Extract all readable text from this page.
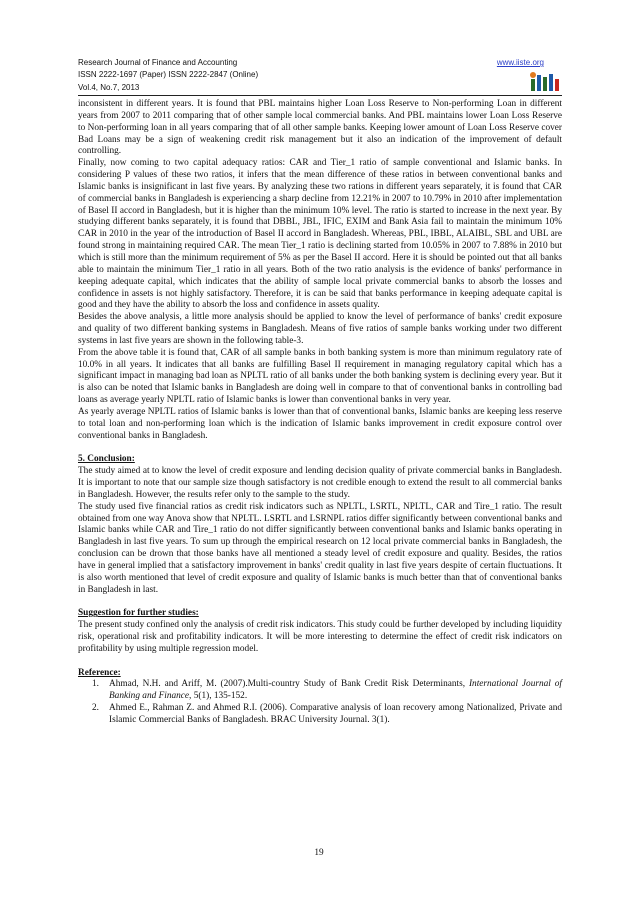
Research Journal of Finance and Accounting
ISSN 2222-1697 (Paper) ISSN 2222-2847 (Online)
Vol.4, No.7, 2013
www.iiste.org

inconsistent in different years. It is found that PBL maintains higher Loan Loss Reserve to Non-performing Loan in different years from 2007 to 2011 comparing that of other sample local commercial banks. And PBL maintains lower Loan Loss Reserve to Non-performing loan in all years comparing that of all other sample banks. Keeping lower amount of Loan Loss Reserve cover Bad Loans may be a sign of weakening credit risk management but it also an indication of the improvement of default controlling.

Finally, now coming to two capital adequacy ratios: CAR and Tier_1 ratio of sample conventional and Islamic banks. In considering P values of these two ratios, it infers that the mean difference of these ratios in between conventional banks and Islamic banks is insignificant in last five years. By analyzing these two rations in different years separately, it is found that CAR of commercial banks in Bangladesh is experiencing a sharp decline from 12.21% in 2007 to 10.79% in 2010 after implementation of Basel II accord in Bangladesh, but it is higher than the minimum 10% level. The ratio is started to increase in the next year. By studying different banks separately, it is found that DBBL, JBL, IFIC, EXIM and Bank Asia fail to maintain the minimum 10% CAR in 2010 in the year of the introduction of Basel II accord in Bangladesh. Whereas, PBL, IBBL, ALAIBL, SBL and UBL are found strong in maintaining required CAR. The mean Tier_1 ratio is declining started from 10.05% in 2007 to 7.88% in 2010 but which is still more than the minimum requirement of 5% as per the Basel II accord. Here it is should be pointed out that all banks able to maintain the minimum Tier_1 ratio in all years. Both of the two ratio analysis is the evidence of banks' performance in keeping adequate capital, which indicates that the ability of sample local private commercial banks to absorb the losses and confidence in assets is not highly satisfactory. Therefore, it is can be said that banks performance in keeping adequate capital is good and they have the ability to absorb the loss and confidence in assets quality.

Besides the above analysis, a little more analysis should be applied to know the level of performance of banks' credit exposure and quality of two different banking systems in Bangladesh. Means of five ratios of sample banks working under two different systems in last five years are shown in the following table-3.

From the above table it is found that, CAR of all sample banks in both banking system is more than minimum regulatory rate of 10.0% in all years. It indicates that all banks are fulfilling Basel II requirement in managing regulatory capital which has a significant impact in managing bad loan as NPLTL ratio of all banks under the both banking system is declining every year. But it is also can be noted that Islamic banks in Bangladesh are doing well in compare to that of conventional banks in controlling bad loans as average yearly NPLTL ratio of Islamic banks is lower than conventional banks in very year.

As yearly average NPLTL ratios of Islamic banks is lower than that of conventional banks, Islamic banks are keeping less reserve to total loan and non-performing loan which is the indication of Islamic banks improvement in credit exposure control over conventional banks in Bangladesh.

5. Conclusion:

The study aimed at to know the level of credit exposure and lending decision quality of private commercial banks in Bangladesh. It is important to note that our sample size though satisfactory is not credible enough to extend the result to all commercial banks in Bangladesh. However, the results refer only to the sample to the study.

The study used five financial ratios as credit risk indicators such as NPLTL, LSRTL, NPLTL, CAR and Tire_1 ratio. The result obtained from one way Anova show that NPLTL. LSRTL and LSRNPL ratios differ significantly between conventional banks and Islamic banks while CAR and Tire_1 ratio do not differ significantly between conventional banks and Islamic banks operating in Bangladesh in last five years. To sum up through the empirical research on 12 local private commercial banks in Bangladesh, the conclusion can be drown that those banks have all mentioned a steady level of credit exposure and quality. Besides, the ratios have in general implied that a satisfactory improvement in banks' credit quality in last five years despite of certain fluctuations. It is also worth mentioned that level of credit exposure and quality of Islamic banks is much better than that of conventional banks in Bangladesh in last.

Suggestion for further studies:

The present study confined only the analysis of credit risk indicators. This study could be further developed by including liquidity risk, operational risk and profitability indicators. It will be more interesting to determine the effect of credit risk indicators on profitability by using multiple regression model.

Reference:

1. Ahmad, N.H. and Ariff, M. (2007).Multi-country Study of Bank Credit Risk Determinants, International Journal of Banking and Finance, 5(1), 135-152.
2. Ahmed E., Rahman Z. and Ahmed R.I. (2006). Comparative analysis of loan recovery among Nationalized, Private and Islamic Commercial Banks of Bangladesh. BRAC University Journal. 3(1).
19
